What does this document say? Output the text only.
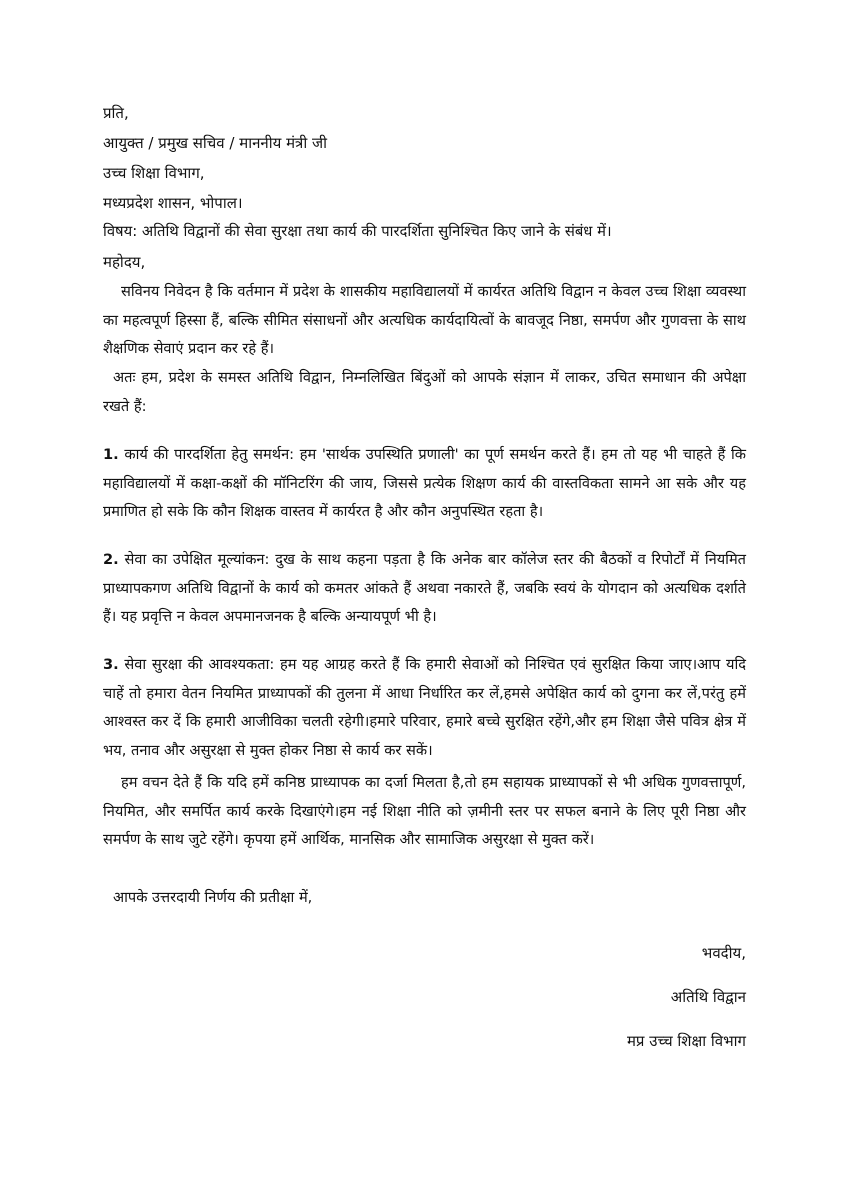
प्रति,
आयुक्त / प्रमुख सचिव / माननीय मंत्री जी
उच्च शिक्षा विभाग,
मध्यप्रदेश शासन, भोपाल।
विषय: अतिथि विद्वानों की सेवा सुरक्षा तथा कार्य की पारदर्शिता सुनिश्चित किए जाने के संबंध में।
महोदय,

सविनय निवेदन है कि वर्तमान में प्रदेश के शासकीय महाविद्यालयों में कार्यरत अतिथि विद्वान न केवल उच्च शिक्षा व्यवस्था का महत्वपूर्ण हिस्सा हैं, बल्कि सीमित संसाधनों और अत्यधिक कार्यदायित्वों के बावजूद निष्ठा, समर्पण और गुणवत्ता के साथ शैक्षणिक सेवाएं प्रदान कर रहे हैं।

अतः हम, प्रदेश के समस्त अतिथि विद्वान, निम्नलिखित बिंदुओं को आपके संज्ञान में लाकर, उचित समाधान की अपेक्षा रखते हैं:

1. कार्य की पारदर्शिता हेतु समर्थन: हम 'सार्थक उपस्थिति प्रणाली' का पूर्ण समर्थन करते हैं। हम तो यह भी चाहते हैं कि महाविद्यालयों में कक्षा-कक्षों की मॉनिटरिंग की जाय, जिससे प्रत्येक शिक्षण कार्य की वास्तविकता सामने आ सके और यह प्रमाणित हो सके कि कौन शिक्षक वास्तव में कार्यरत है और कौन अनुपस्थित रहता है।

2. सेवा का उपेक्षित मूल्यांकन: दुख के साथ कहना पड़ता है कि अनेक बार कॉलेज स्तर की बैठकों व रिपोर्टों में नियमित प्राध्यापकगण अतिथि विद्वानों के कार्य को कमतर आंकते हैं अथवा नकारते हैं, जबकि स्वयं के योगदान को अत्यधिक दर्शाते हैं। यह प्रवृत्ति न केवल अपमानजनक है बल्कि अन्यायपूर्ण भी है।

3. सेवा सुरक्षा की आवश्यकता: हम यह आग्रह करते हैं कि हमारी सेवाओं को निश्चित एवं सुरक्षित किया जाए।आप यदि चाहें तो हमारा वेतन नियमित प्राध्यापकों की तुलना में आधा निर्धारित कर लें,हमसे अपेक्षित कार्य को दुगना कर लें,परंतु हमें आश्वस्त कर दें कि हमारी आजीविका चलती रहेगी।हमारे परिवार, हमारे बच्चे सुरक्षित रहेंगे,और हम शिक्षा जैसे पवित्र क्षेत्र में भय, तनाव और असुरक्षा से मुक्त होकर निष्ठा से कार्य कर सकें।

हम वचन देते हैं कि यदि हमें कनिष्ठ प्राध्यापक का दर्जा मिलता है,तो हम सहायक प्राध्यापकों से भी अधिक गुणवत्तापूर्ण, नियमित, और समर्पित कार्य करके दिखाएंगे।हम नई शिक्षा नीति को ज़मीनी स्तर पर सफल बनाने के लिए पूरी निष्ठा और समर्पण के साथ जुटे रहेंगे। कृपया हमें आर्थिक, मानसिक और सामाजिक असुरक्षा से मुक्त करें।

आपके उत्तरदायी निर्णय की प्रतीक्षा में,

भवदीय,
अतिथि विद्वान
मप्र उच्च शिक्षा विभाग
